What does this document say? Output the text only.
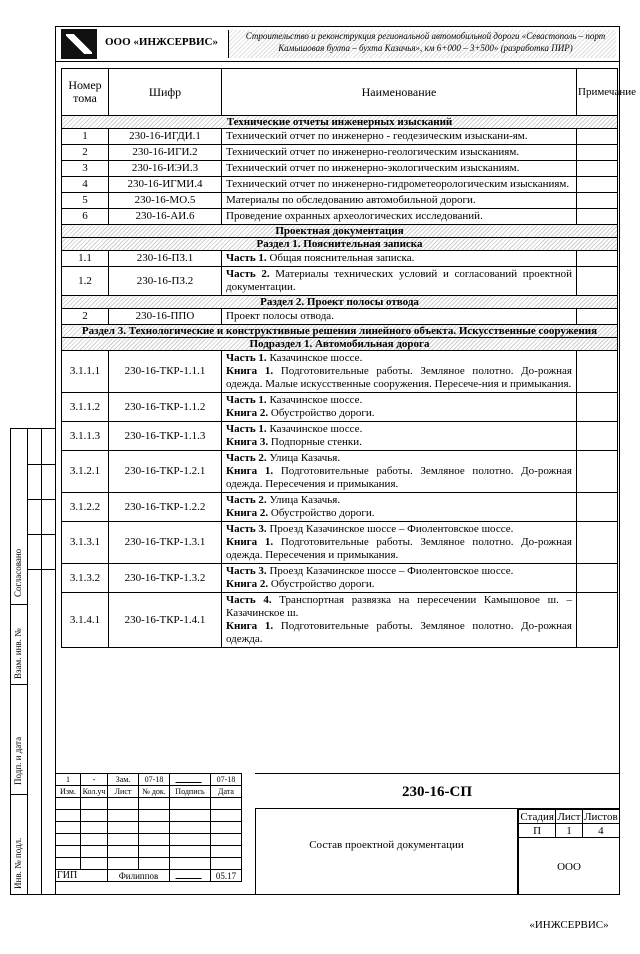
ООО «ИНЖСЕРВИС»	Строительство и реконструкция региональной автомобильной дороги «Севастополь – порт Камышовая бухта – бухта Казачья», км 6+000 – 3+500» (разработка ПИР)
Номер тома	Шифр	Наименование	Примечание
Технические отчеты инженерных изысканий			
1	230-16-ИГДИ.1	Технический отчет по инженерно - геодезическим изыскани-ям.	
2	230-16-ИГИ.2	Технический отчет по инженерно-геологическим изысканиям.	
3	230-16-ИЭИ.3	Технический отчет по инженерно-экологическим изысканиям.	
4	230-16-ИГМИ.4	Технический отчет по инженерно-гидрометеорологическим изысканиям.	
5	230-16-МО.5	Материалы по обследованию автомобильной дороги.	
6	230-16-АИ.6	Проведение охранных археологических исследований.	
Проектная документация			
Раздел 1. Пояснительная записка			
1.1	230-16-ПЗ.1	Часть 1. Общая пояснительная записка.	
1.2	230-16-ПЗ.2	Часть 2. Материалы технических условий и согласований проектной документации.	
Раздел 2. Проект полосы отвода			
2	230-16-ППО	Проект полосы отвода.	
Раздел 3. Технологические и конструктивные решения линейного объекта. Искусственные сооружения			
Подраздел 1. Автомобильная дорога			
3.1.1.1	230-16-ТКР-1.1.1	Часть 1. Казачинское шоссе.
Книга 1. Подготовительные работы. Земляное полотно. До-рожная одежда. Малые искусственные сооружения. Пересече-ния и примыкания.	
3.1.1.2	230-16-ТКР-1.1.2	Часть 1. Казачинское шоссе.
Книга 2. Обустройство дороги.	
3.1.1.3	230-16-ТКР-1.1.3	Часть 1. Казачинское шоссе.
Книга 3. Подпорные стенки.	
3.1.2.1	230-16-ТКР-1.2.1	Часть 2. Улица Казачья.
Книга 1. Подготовительные работы. Земляное полотно. До-рожная одежда. Пересечения и примыкания.	
3.1.2.2	230-16-ТКР-1.2.2	Часть 2. Улица Казачья.
Книга 2. Обустройство дороги.	
3.1.3.1	230-16-ТКР-1.3.1	Часть 3. Проезд Казачинское шоссе – Фиолентовское шоссе.
Книга 1. Подготовительные работы. Земляное полотно. До-рожная одежда. Пересечения и примыкания.	
3.1.3.2	230-16-ТКР-1.3.2	Часть 3. Проезд Казачинское шоссе – Фиолентовское шоссе.
Книга 2. Обустройство дороги.	
3.1.4.1	230-16-ТКР-1.4.1	Часть 4. Транспортная развязка на пересечении Камышовое ш. – Казачинское ш.
Книга 1. Подготовительные работы. Земляное полотно. До-рожная одежда.	
Согласовано
Взам. инв. №
Подп. и дата
Инв. № подл.
1	-	Зам.	07-18		07-18
Изм.	Кол.уч	Лист	№ док.	Подпись	Дата

ГИП		Филиппов			05.17
230-16-СП
Состав проектной документации
Стадия	Лист	Листов
П	1	4
ООО «ИНЖСЕРВИС»
